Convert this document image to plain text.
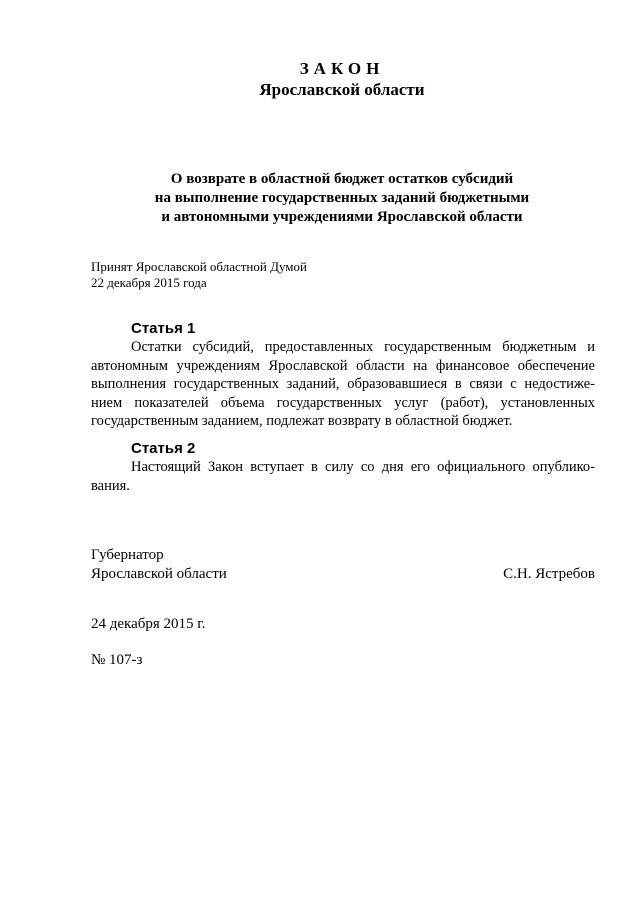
ЗАКОН
Ярославской области
О возврате в областной бюджет остатков субсидий
на выполнение государственных заданий бюджетными
и автономными учреждениями Ярославской области
Принят Ярославской областной Думой
22 декабря 2015 года
Статья 1
Остатки субсидий, предоставленных государственным бюджетным и
автономным учреждениям Ярославской области на финансовое обеспечение
выполнения государственных заданий, образовавшиеся в связи с недостиже-
нием показателей объема государственных услуг (работ), установленных
государственным заданием, подлежат возврату в областной бюджет.
Статья 2
Настоящий Закон вступает в силу со дня его официального опублико-
вания.
Губернатор
Ярославской области	С.Н. Ястребов
24 декабря 2015 г.
№ 107-з
